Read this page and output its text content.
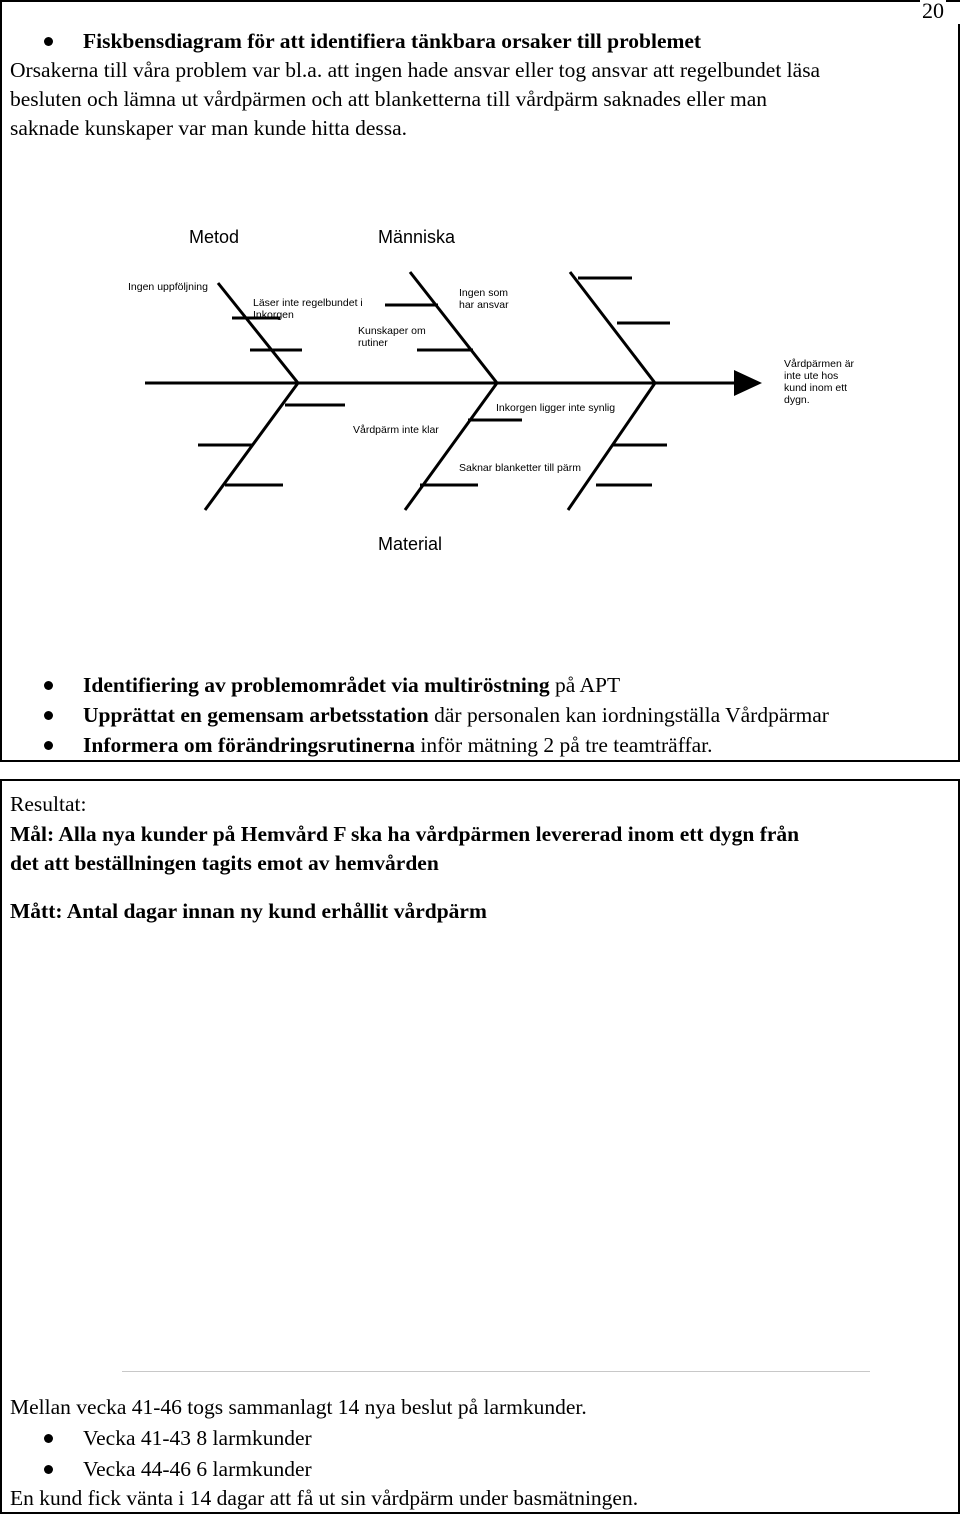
20
Fiskbensdiagram för att identifiera tänkbara orsaker till problemet
Orsakerna till våra problem var bl.a. att ingen hade ansvar eller tog ansvar att regelbundet läsa
besluten och lämna ut vårdpärmen och att blanketterna till vårdpärm saknades eller man
saknade kunskaper var man kunde hitta dessa.
Metod	Människa
Material
Ingen uppföljning
Läser inte regelbundet i
Inkorgen
Kunskaper om
rutiner
Ingen som
har ansvar
Inkorgen ligger inte synlig
Vårdpärm inte klar
Saknar blanketter till pärm
Vårdpärmen är
inte ute hos
kund inom ett
dygn.
Identifiering av problemområdet via multiröstning på APT
Upprättat en gemensam arbetsstation där personalen kan iordningställa Vårdpärmar
Informera om förändringsrutinerna inför mätning 2 på tre teamträffar.
Resultat:
Mål: Alla nya kunder på Hemvård F ska ha vårdpärmen levererad inom ett dygn från
det att beställningen tagits emot av hemvården
Mått: Antal dagar innan ny kund erhållit vårdpärm
Mellan vecka 41-46 togs sammanlagt 14 nya beslut på larmkunder.
Vecka 41-43 8 larmkunder
Vecka 44-46 6 larmkunder
En kund fick vänta i 14 dagar att få ut sin vårdpärm under basmätningen.
